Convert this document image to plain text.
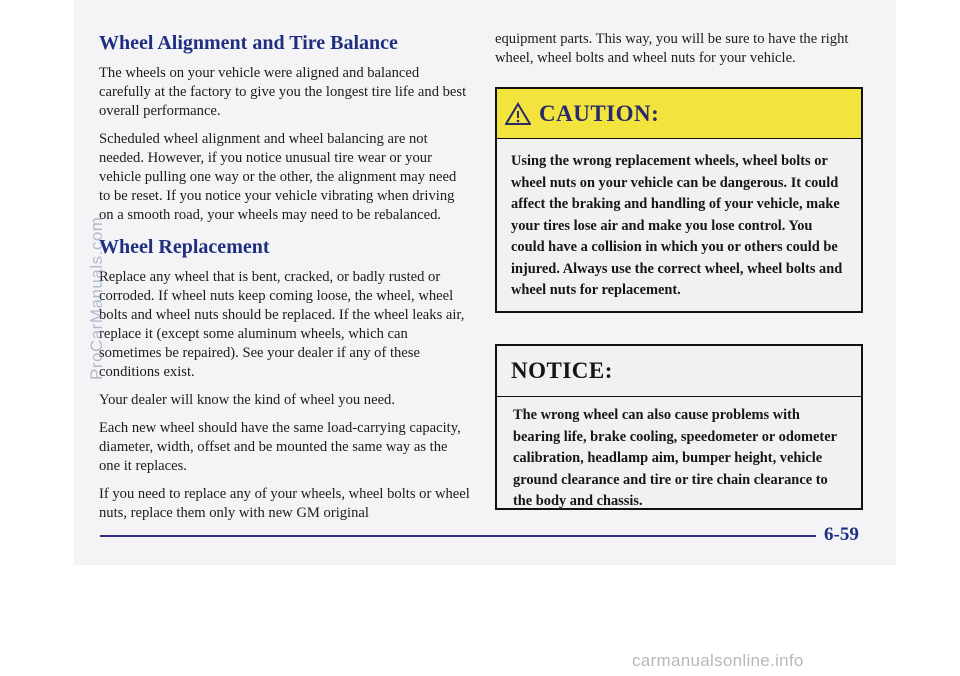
Wheel Alignment and Tire Balance

The wheels on your vehicle were aligned and balanced carefully at the factory to give you the longest tire life and best overall performance.

Scheduled wheel alignment and wheel balancing are not needed. However, if you notice unusual tire wear or your vehicle pulling one way or the other, the alignment may need to be reset. If you notice your vehicle vibrating when driving on a smooth road, your wheels may need to be rebalanced.

Wheel Replacement

Replace any wheel that is bent, cracked, or badly rusted or corroded. If wheel nuts keep coming loose, the wheel, wheel bolts and wheel nuts should be replaced. If the wheel leaks air, replace it (except some aluminum wheels, which can sometimes be repaired). See your dealer if any of these conditions exist.

Your dealer will know the kind of wheel you need.

Each new wheel should have the same load-carrying capacity, diameter, width, offset and be mounted the same way as the one it replaces.

If you need to replace any of your wheels, wheel bolts or wheel nuts, replace them only with new GM original

equipment parts. This way, you will be sure to have the right wheel, wheel bolts and wheel nuts for your vehicle.

CAUTION:

Using the wrong replacement wheels, wheel bolts or wheel nuts on your vehicle can be dangerous. It could affect the braking and handling of your vehicle, make your tires lose air and make you lose control. You could have a collision in which you or others could be injured. Always use the correct wheel, wheel bolts and wheel nuts for replacement.

NOTICE:

The wrong wheel can also cause problems with bearing life, brake cooling, speedometer or odometer calibration, headlamp aim, bumper height, vehicle ground clearance and tire or tire chain clearance to the body and chassis.

6-59
ProCarManuals.com
carmanualsonline.info
